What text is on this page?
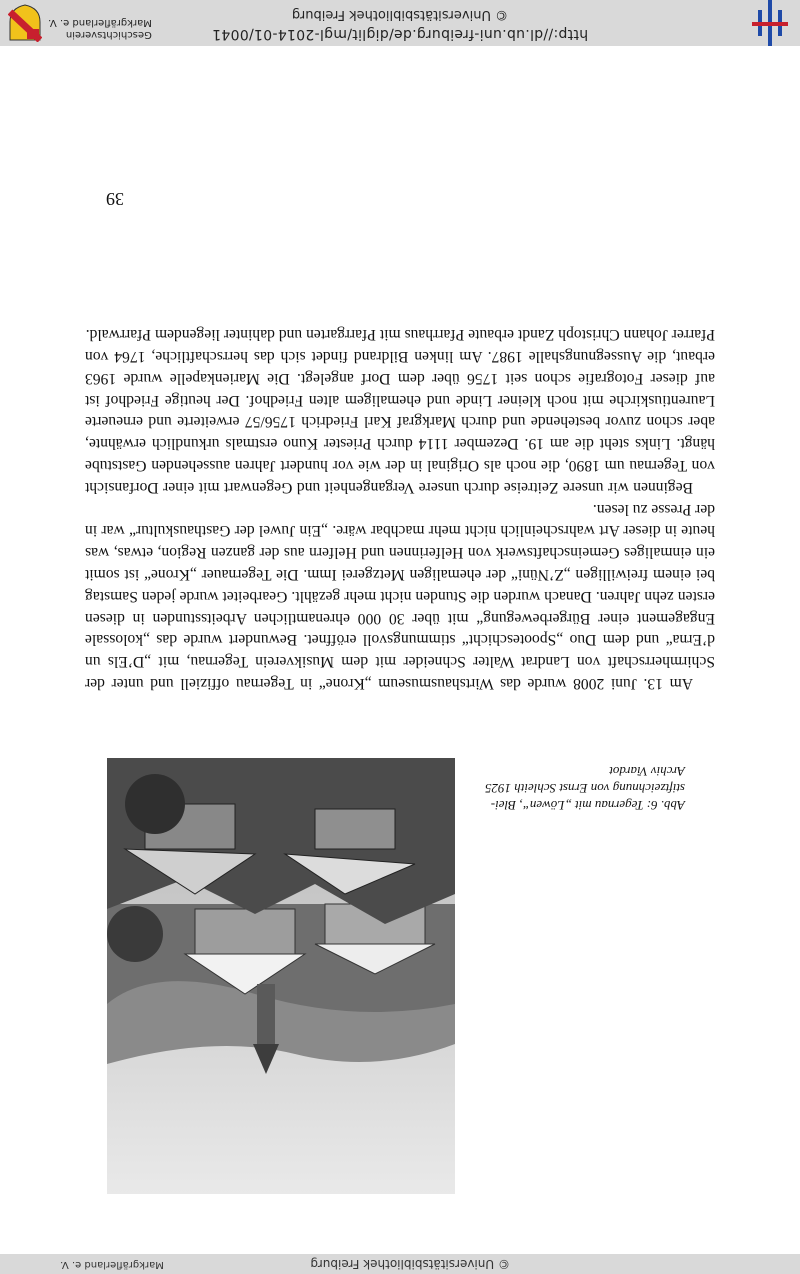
http://dl.ub.uni-freiburg.de/diglit/mgl-2014-01/0041
© Universitätsbibliothek Freiburg
Geschichtsverein
Markgräflerland e. V.
Abb. 6: Tegernau mit „Löwen“, Blei-
stiftzeichnung von Ernst Schleith 1925
Archiv Viardot

Am 13. Juni 2008 wurde das Wirtshausmuseum „Krone“ in Tegernau offiziell und unter der Schirmherrschaft von Landrat Walter Schneider mit dem Musikverein Tegernau, mit „D’Els un d’Erna“ und dem Duo „Spooteschicht“ stimmungsvoll eröffnet. Bewundert wurde das „kolossale Engagement einer Bürgerbewegung“ mit über 30 000 ehrenamtlichen Arbeitsstunden in diesen ersten zehn Jahren. Danach wurden die Stunden nicht mehr gezählt. Gearbeitet wurde jeden Samstag bei einem freiwilligen „Z’Nüni“ der ehemaligen Metzgerei Imm. Die Tegernauer „Krone“ ist somit ein einmaliges Gemeinschaftswerk von Helferinnen und Helfern aus der ganzen Region, etwas, was heute in dieser Art wahrscheinlich nicht mehr machbar wäre. „Ein Juwel der Gasthauskultur“ war in der Presse zu lesen.

Beginnen wir unsere Zeitreise durch unsere Vergangenheit und Gegenwart mit einer Dorfansicht von Tegernau um 1890, die noch als Original in der wie vor hundert Jahren aussehenden Gaststube hängt. Links steht die am 19. Dezember 1114 durch Priester Kuno erstmals urkundlich erwähnte, aber schon zuvor bestehende und durch Markgraf Karl Friedrich 1756/57 erweiterte und erneuerte Laurentiuskirche mit noch kleiner Linde und ehemaligem alten Friedhof. Der heutige Friedhof ist auf dieser Fotografie schon seit 1756 über dem Dorf angelegt. Die Marienkapelle wurde 1963 erbaut, die Aussegnungshalle 1987. Am linken Bildrand findet sich das herrschaftliche, 1764 von Pfarrer Johann Christoph Zandt erbaute Pfarrhaus mit Pfarrgarten und dahinter liegendem Pfarrwald.

39
© Universitätsbibliothek Freiburg
Markgräflerland e. V.
